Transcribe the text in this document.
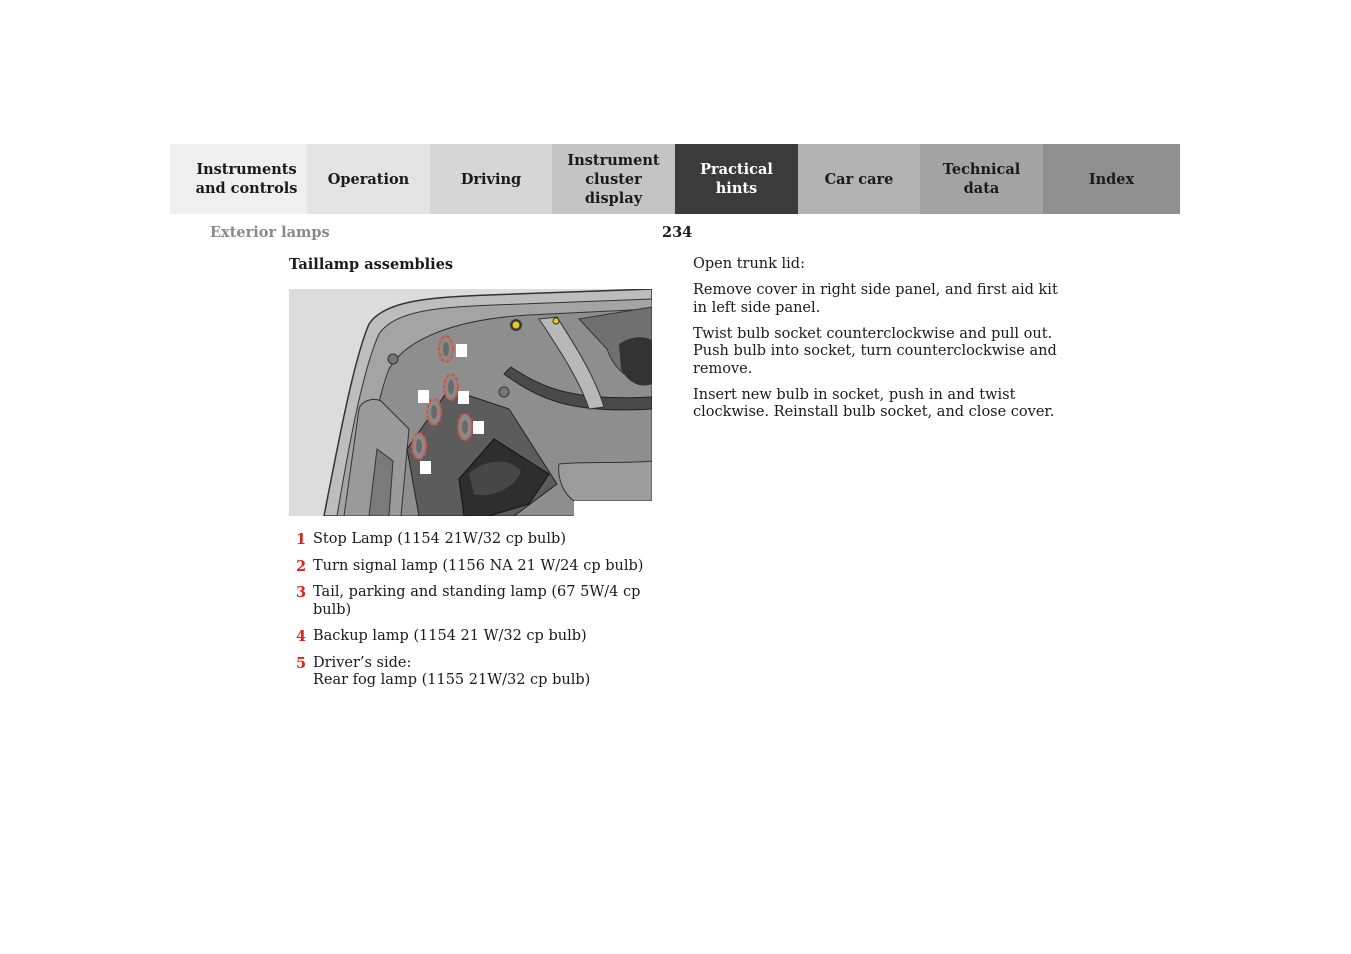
Instruments
and controls
Operation	Driving
Instrument
cluster display
Practical hints
Car care
Technical
data
Index
Exterior lamps	234
Taillamp assemblies
1 Stop Lamp (1154 21W/32 cp bulb)
2 Turn signal lamp (1156 NA 21 W/24 cp bulb)
3 Tail, parking and standing lamp (67 5W/4 cp bulb)
4 Backup lamp (1154 21 W/32 cp bulb)
5 Driver’s side:
Rear fog lamp (1155 21W/32 cp bulb)

Open trunk lid:

Remove cover in right side panel, and first aid kit in left side panel.

Twist bulb socket counterclockwise and pull out. Push bulb into socket, turn counterclockwise and remove.

Insert new bulb in socket, push in and twist clockwise. Reinstall bulb socket, and close cover.
